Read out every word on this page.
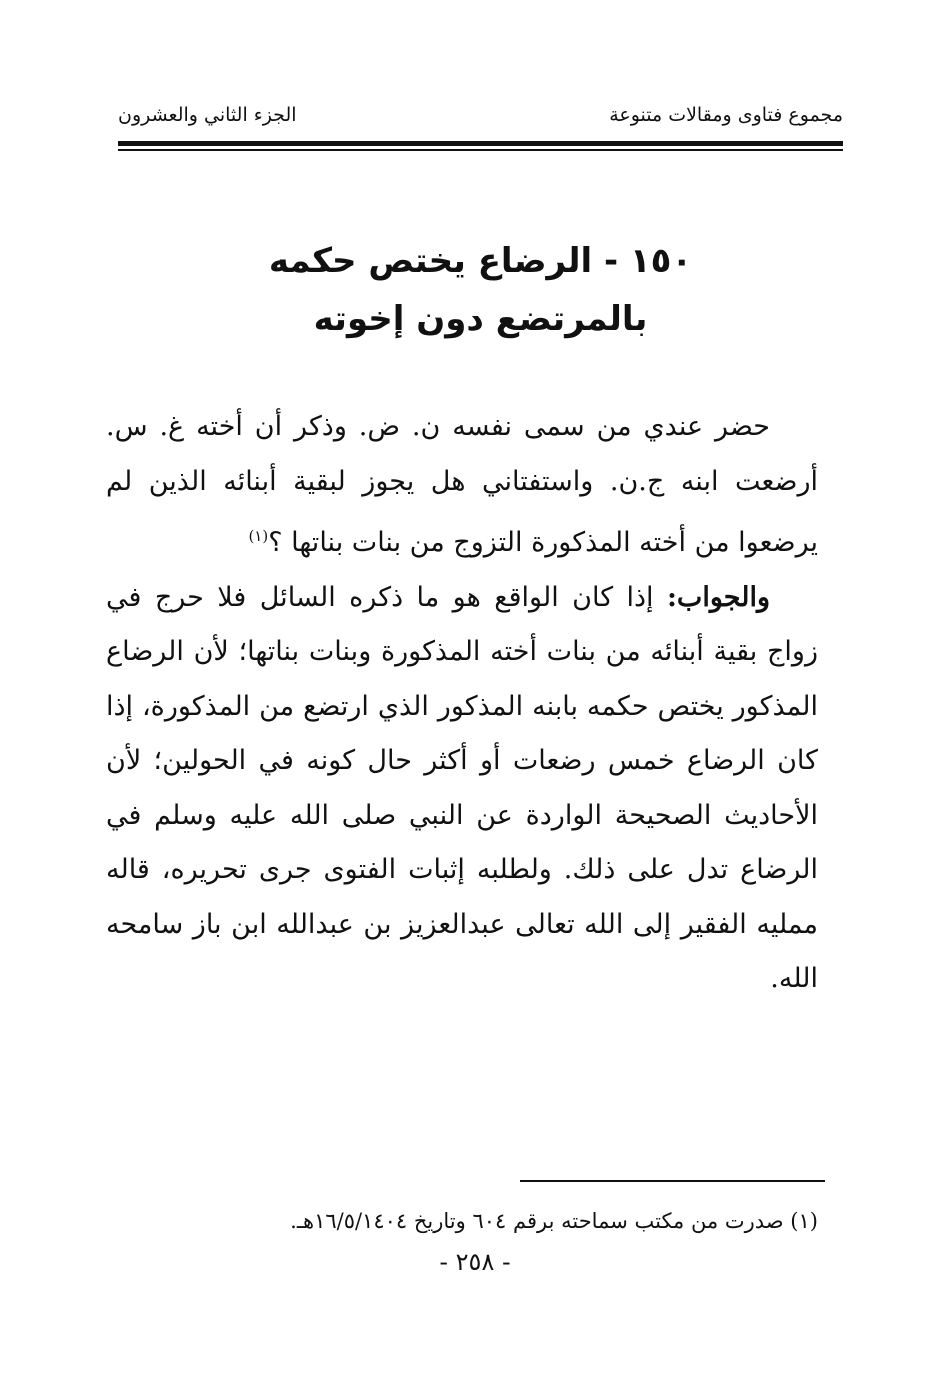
مجموع فتاوى ومقالات متنوعة
الجزء الثاني والعشرون
١٥٠ - الرضاع يختص حكمه
بالمرتضع دون إخوته

حضر عندي من سمى نفسه ن. ض. وذكر أن أخته غ. س. أرضعت ابنه ج.ن. واستفتاني هل يجوز لبقية أبنائه الذين لم يرضعوا من أخته المذكورة التزوج من بنات بناتها ؟$^{(١)}$

والجواب: إذا كان الواقع هو ما ذكره السائل فلا حرج في زواج بقية أبنائه من بنات أخته المذكورة وبنات بناتها؛ لأن الرضاع المذكور يختص حكمه بابنه المذكور الذي ارتضع من المذكورة، إذا كان الرضاع خمس رضعات أو أكثر حال كونه في الحولين؛ لأن الأحاديث الصحيحة الواردة عن النبي صلى الله عليه وسلم في الرضاع تدل على ذلك. ولطلبه إثبات الفتوى جرى تحريره، قاله ممليه الفقير إلى الله تعالى عبدالعزيز بن عبدالله ابن باز سامحه الله.

(١) صدرت من مكتب سماحته برقم ٦٠٤ وتاريخ ١٦/٥/١٤٠٤هـ.
- ٢٥٨ -
